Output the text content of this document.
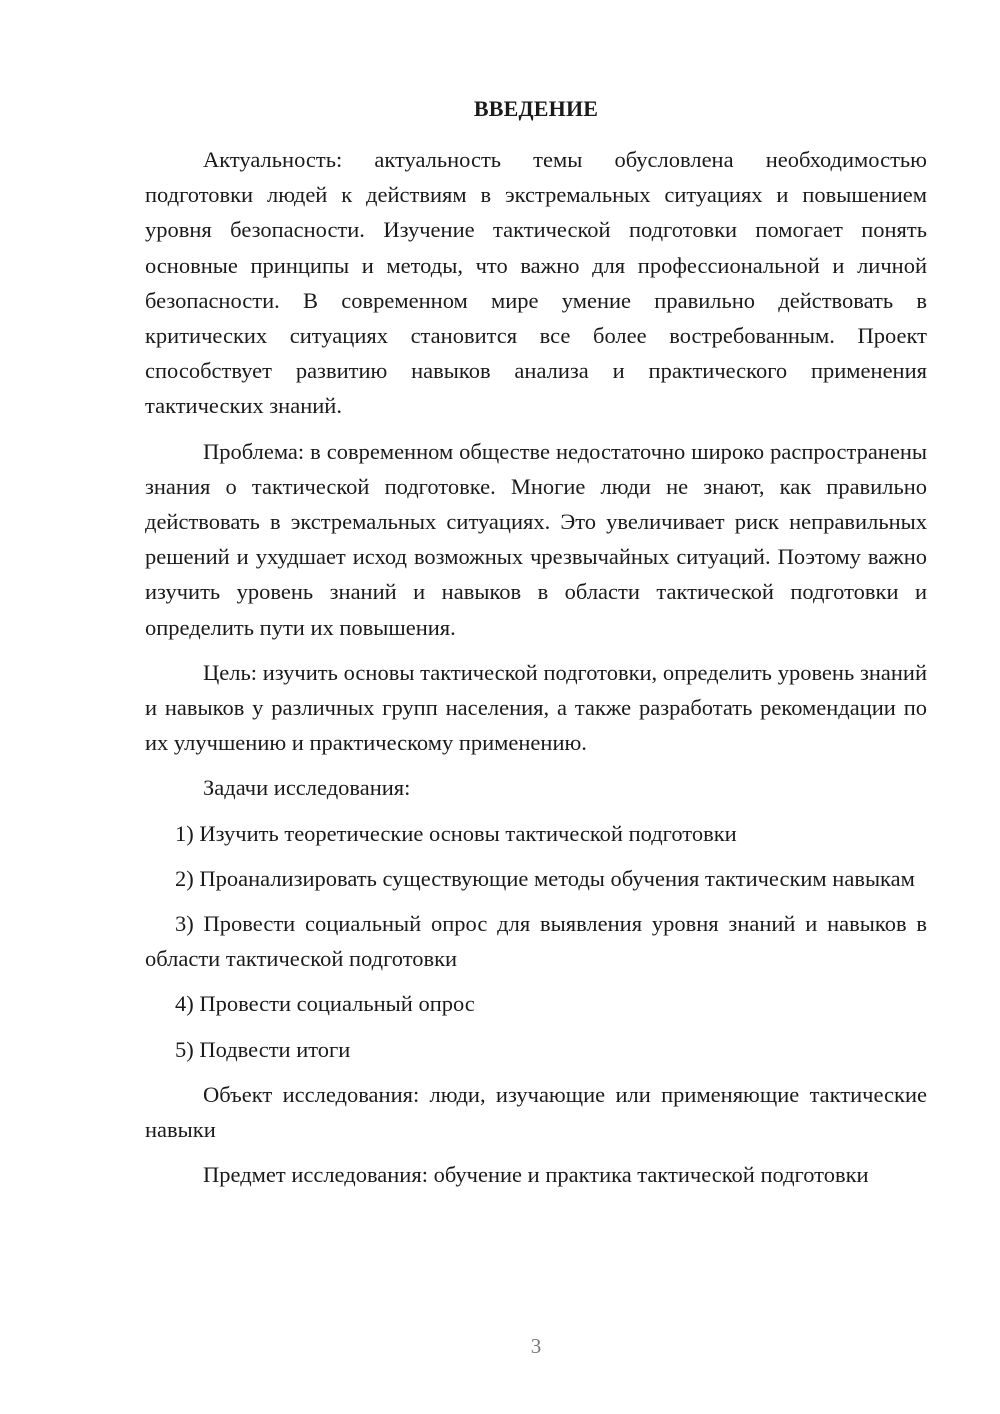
ВВЕДЕНИЕ

Актуальность: актуальность темы обусловлена необходимостью подготовки людей к действиям в экстремальных ситуациях и повышением уровня безопасности. Изучение тактической подготовки помогает понять основные принципы и методы, что важно для профессиональной и личной безопасности. В современном мире умение правильно действовать в критических ситуациях становится все более востребованным. Проект способствует развитию навыков анализа и практического применения тактических знаний.

Проблема: в современном обществе недостаточно широко распространены знания о тактической подготовке. Многие люди не знают, как правильно действовать в экстремальных ситуациях. Это увеличивает риск неправильных решений и ухудшает исход возможных чрезвычайных ситуаций. Поэтому важно изучить уровень знаний и навыков в области тактической подготовки и определить пути их повышения.

Цель: изучить основы тактической подготовки, определить уровень знаний и навыков у различных групп населения, а также разработать рекомендации по их улучшению и практическому применению.

Задачи исследования:

1) Изучить теоретические основы тактической подготовки

2) Проанализировать существующие методы обучения тактическим навыкам

3) Провести социальный опрос для выявления уровня знаний и навыков в области тактической подготовки

4) Провести социальный опрос

5) Подвести итоги

Объект исследования: люди, изучающие или применяющие тактические навыки

Предмет исследования: обучение и практика тактической подготовки

3
